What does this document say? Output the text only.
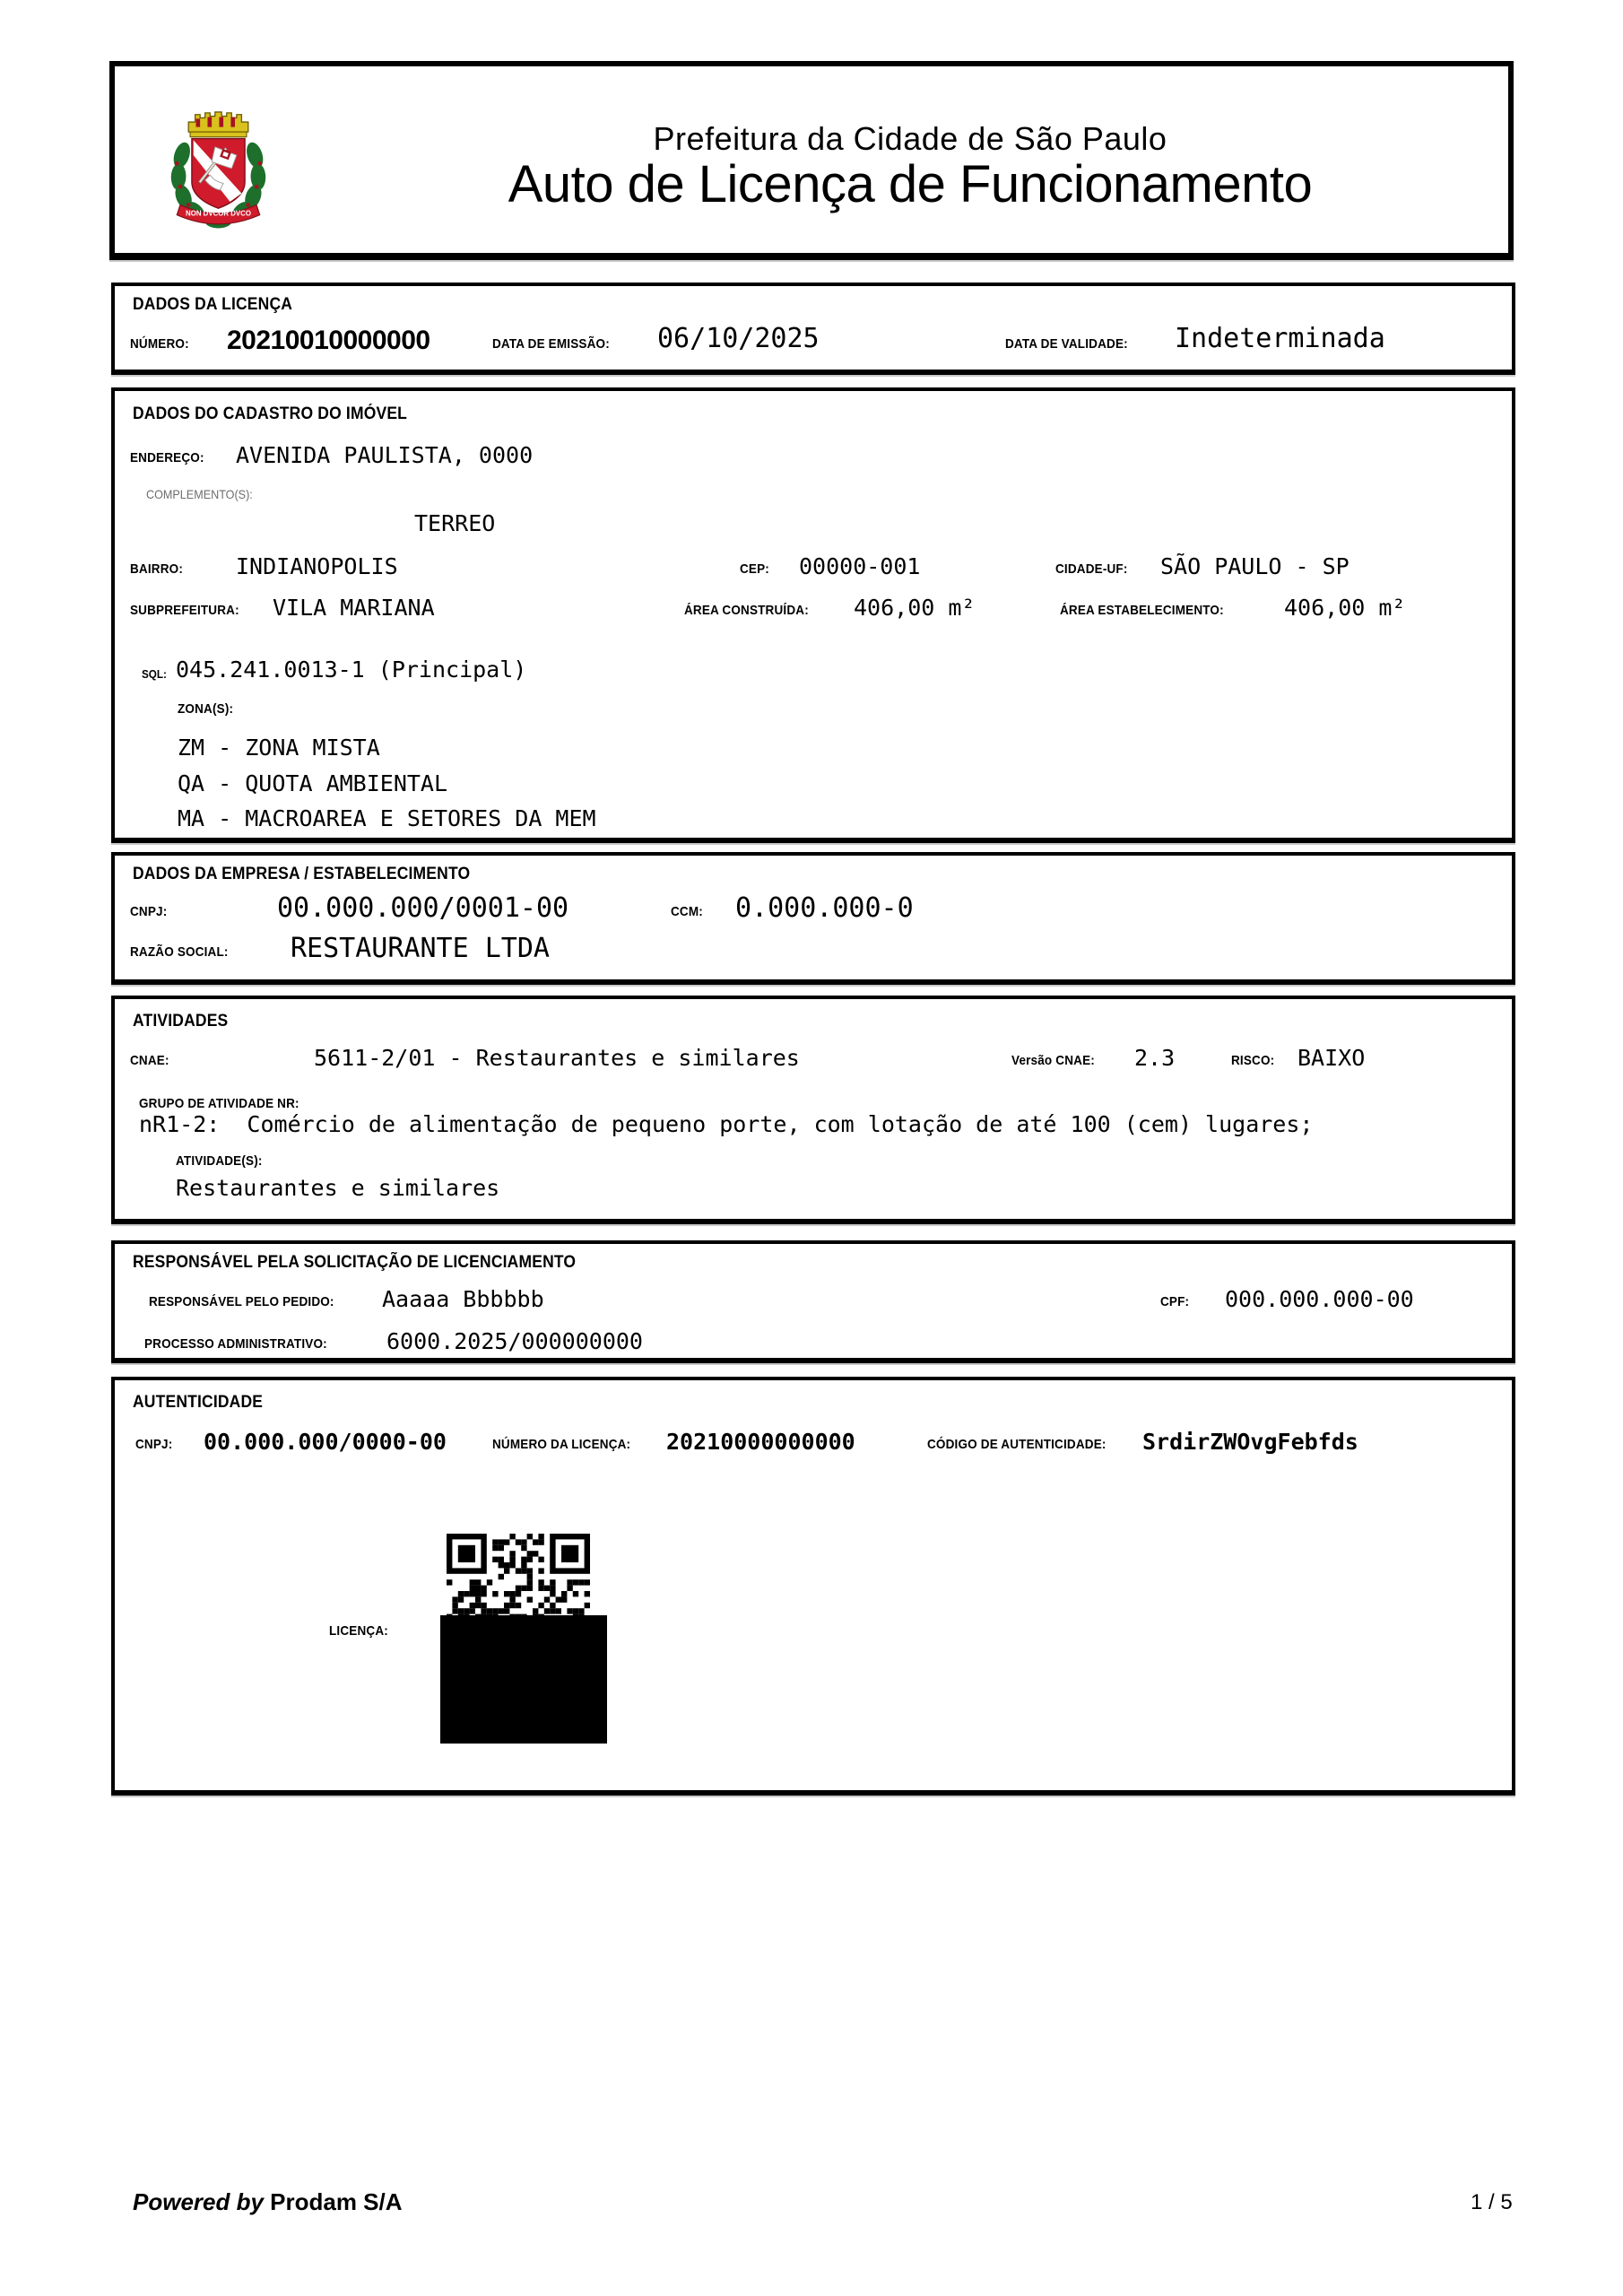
NON DVCOR DVCO
Prefeitura da Cidade de São Paulo
Auto de Licença de Funcionamento
DADOS DA LICENÇA
NÚMERO: 20210010000000	DATA DE EMISSÃO: 06/10/2025	DATA DE VALIDADE: Indeterminada
DADOS DO CADASTRO DO IMÓVEL
ENDEREÇO: AVENIDA PAULISTA, 0000
COMPLEMENTO(S):
TERREO
BAIRRO: INDIANOPOLIS	CEP: 00000-001	CIDADE-UF: SÃO PAULO - SP
SUBPREFEITURA: VILA MARIANA	ÁREA CONSTRUÍDA: 406,00 m²	ÁREA ESTABELECIMENTO:	406,00 m²
SQL: 045.241.0013-1 (Principal)
ZONA(S):
ZM - ZONA MISTA
QA - QUOTA AMBIENTAL
MA - MACROAREA E SETORES DA MEM
DADOS DA EMPRESA / ESTABELECIMENTO
CNPJ:	00.000.000/0001-00	CCM: 0.000.000-0
RAZÃO SOCIAL: RESTAURANTE LTDA
ATIVIDADES
CNAE:	5611-2/01 - Restaurantes e similares	Versão CNAE: 2.3	RISCO: BAIXO
GRUPO DE ATIVIDADE NR:
nR1-2:  Comércio de alimentação de pequeno porte, com lotação de até 100 (cem) lugares;
ATIVIDADE(S):
Restaurantes e similares
RESPONSÁVEL PELA SOLICITAÇÃO DE LICENCIAMENTO
RESPONSÁVEL PELO PEDIDO: Aaaaa Bbbbbb	CPF: 000.000.000-00
PROCESSO ADMINISTRATIVO:	6000.2025/000000000
AUTENTICIDADE
CNPJ: 00.000.000/0000-00	NÚMERO DA LICENÇA: 20210000000000	CÓDIGO DE AUTENTICIDADE: SrdirZWOvgFebfds
LICENÇA:
Powered by Prodam S/A	1 / 5
